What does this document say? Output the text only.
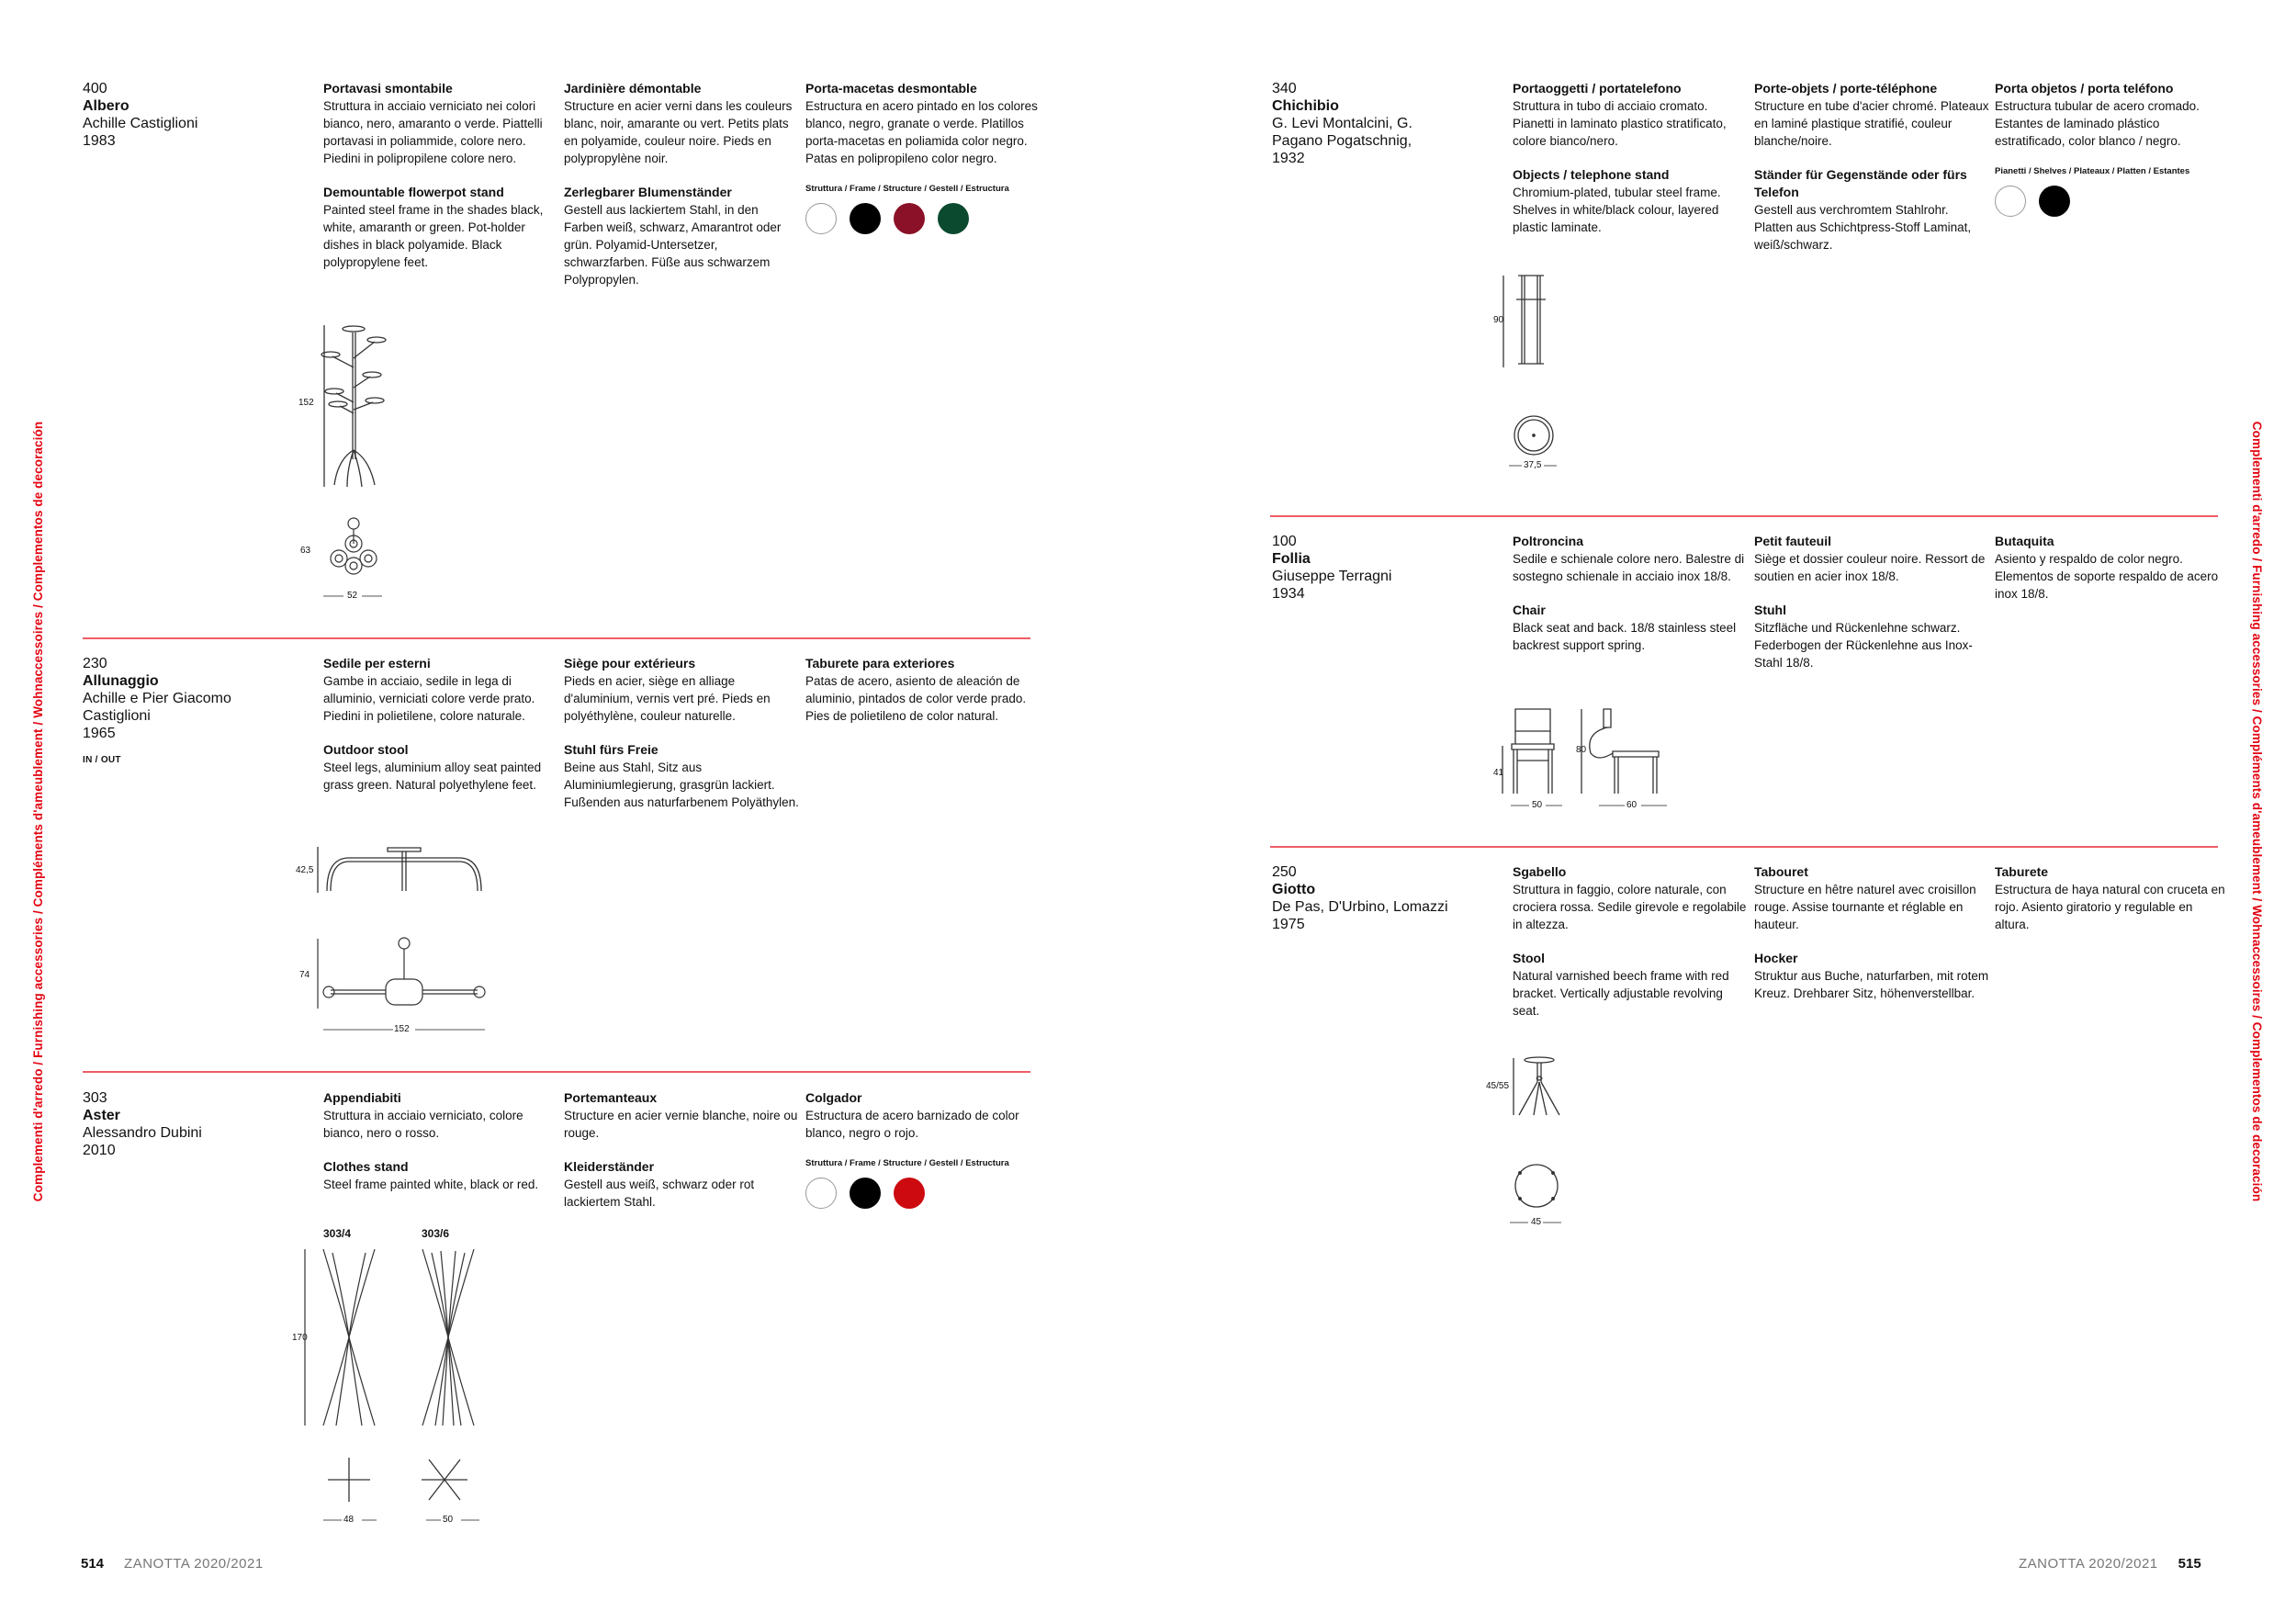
Complementi d'arredo / Furnishing accessories / Compléments d'ameublement / Wohnaccessoires / Complementos de decoración	Complementi d'arredo / Furnishing accessories / Compléments d'ameublement / Wohnaccessoires / Complementos de decoración
400
Albero
Achille Castiglioni
1983
Portavasi smontabile
Struttura in acciaio verniciato nei colori bianco, nero, amaranto o verde. Piattelli portavasi in poliammide, colore nero. Piedini in polipropilene colore nero.
Demountable flowerpot stand
Painted steel frame in the shades black, white, amaranth or green. Pot-holder dishes in black polyamide. Black polypropylene feet.
Jardinière démontable
Structure en acier verni dans les couleurs blanc, noir, amarante ou vert. Petits plats en polyamide, couleur noire. Pieds en polypropylène noir.
Zerlegbarer Blumenständer
Gestell aus lackiertem Stahl, in den Farben weiß, schwarz, Amarantrot oder grün. Polyamid-Untersetzer, schwarzfarben. Füße aus schwarzem Polypropylen.
Porta-macetas desmontable
Estructura en acero pintado en los colores blanco, negro, granate o verde. Platillos porta-macetas en poliamida color negro. Patas en polipropileno color negro.
Struttura / Frame / Structure / Gestell / Estructura
152
63
52
230
Allunaggio
Achille e Pier Giacomo Castiglioni
1965
IN / OUT
Sedile per esterni
Gambe in acciaio, sedile in lega di alluminio, verniciati colore verde prato. Piedini in polietilene, colore naturale.
Outdoor stool
Steel legs, aluminium alloy seat painted grass green. Natural polyethylene feet.
Siège pour extérieurs
Pieds en acier, siège en alliage d'aluminium, vernis vert pré. Pieds en polyéthylène, couleur naturelle.
Stuhl fürs Freie
Beine aus Stahl, Sitz aus Aluminiumlegierung, grasgrün lackiert. Fußenden aus naturfarbenem Polyäthylen.
Taburete para exteriores
Patas de acero, asiento de aleación de aluminio, pintados de color verde prado. Pies de polietileno de color natural.
42,5
74
152
303
Aster
Alessandro Dubini
2010
Appendiabiti
Struttura in acciaio verniciato, colore bianco, nero o rosso.
Clothes stand
Steel frame painted white, black or red.
Portemanteaux
Structure en acier vernie blanche, noire ou rouge.
Kleiderständer
Gestell aus weiß, schwarz oder rot lackiertem Stahl.
Colgador
Estructura de acero barnizado de color blanco, negro o rojo.
Struttura / Frame / Structure / Gestell / Estructura
303/4	303/6
170
48	50
340
Chichibio
G. Levi Montalcini, G. Pagano Pogatschnig,
1932
Portaoggetti / portatelefono
Struttura in tubo di acciaio cromato. Pianetti in laminato plastico stratificato, colore bianco/nero.
Objects / telephone stand
Chromium-plated, tubular steel frame. Shelves in white/black colour, layered plastic laminate.
Porte-objets / porte-téléphone
Structure en tube d'acier chromé. Plateaux en laminé plastique stratifié, couleur blanche/noire.
Ständer für Gegenstände oder fürs Telefon
Gestell aus verchromtem Stahlrohr. Platten aus Schichtpress-Stoff Laminat, weiß/schwarz.
Porta objetos / porta teléfono
Estructura tubular de acero cromado. Estantes de laminado plástico estratificado, color blanco / negro.
Pianetti / Shelves / Plateaux / Platten / Estantes
90
37,5
100
Follia
Giuseppe Terragni
1934
Poltroncina
Sedile e schienale colore nero. Balestre di sostegno schienale in acciaio inox 18/8.
Chair
Black seat and back. 18/8 stainless steel backrest support spring.
Petit fauteuil
Siège et dossier couleur noire. Ressort de soutien en acier inox 18/8.
Stuhl
Sitzfläche und Rückenlehne schwarz. Federbogen der Rückenlehne aus Inox- Stahl 18/8.
Butaquita
Asiento y respaldo de color negro. Elementos de soporte respaldo de acero inox 18/8.
41
80
50	60
250
Giotto
De Pas, D'Urbino, Lomazzi
1975
Sgabello
Struttura in faggio, colore naturale, con crociera rossa. Sedile girevole e regolabile in altezza.
Stool
Natural varnished beech frame with red bracket. Vertically adjustable revolving seat.
Tabouret
Structure en hêtre naturel avec croisillon rouge. Assise tournante et réglable en hauteur.
Hocker
Struktur aus Buche, naturfarben, mit rotem Kreuz. Drehbarer Sitz, höhenverstellbar.
Taburete
Estructura de haya natural con cruceta en rojo. Asiento giratorio y regulable en altura.
45/55
45
514 ZANOTTA 2020/2021	ZANOTTA 2020/2021 515
